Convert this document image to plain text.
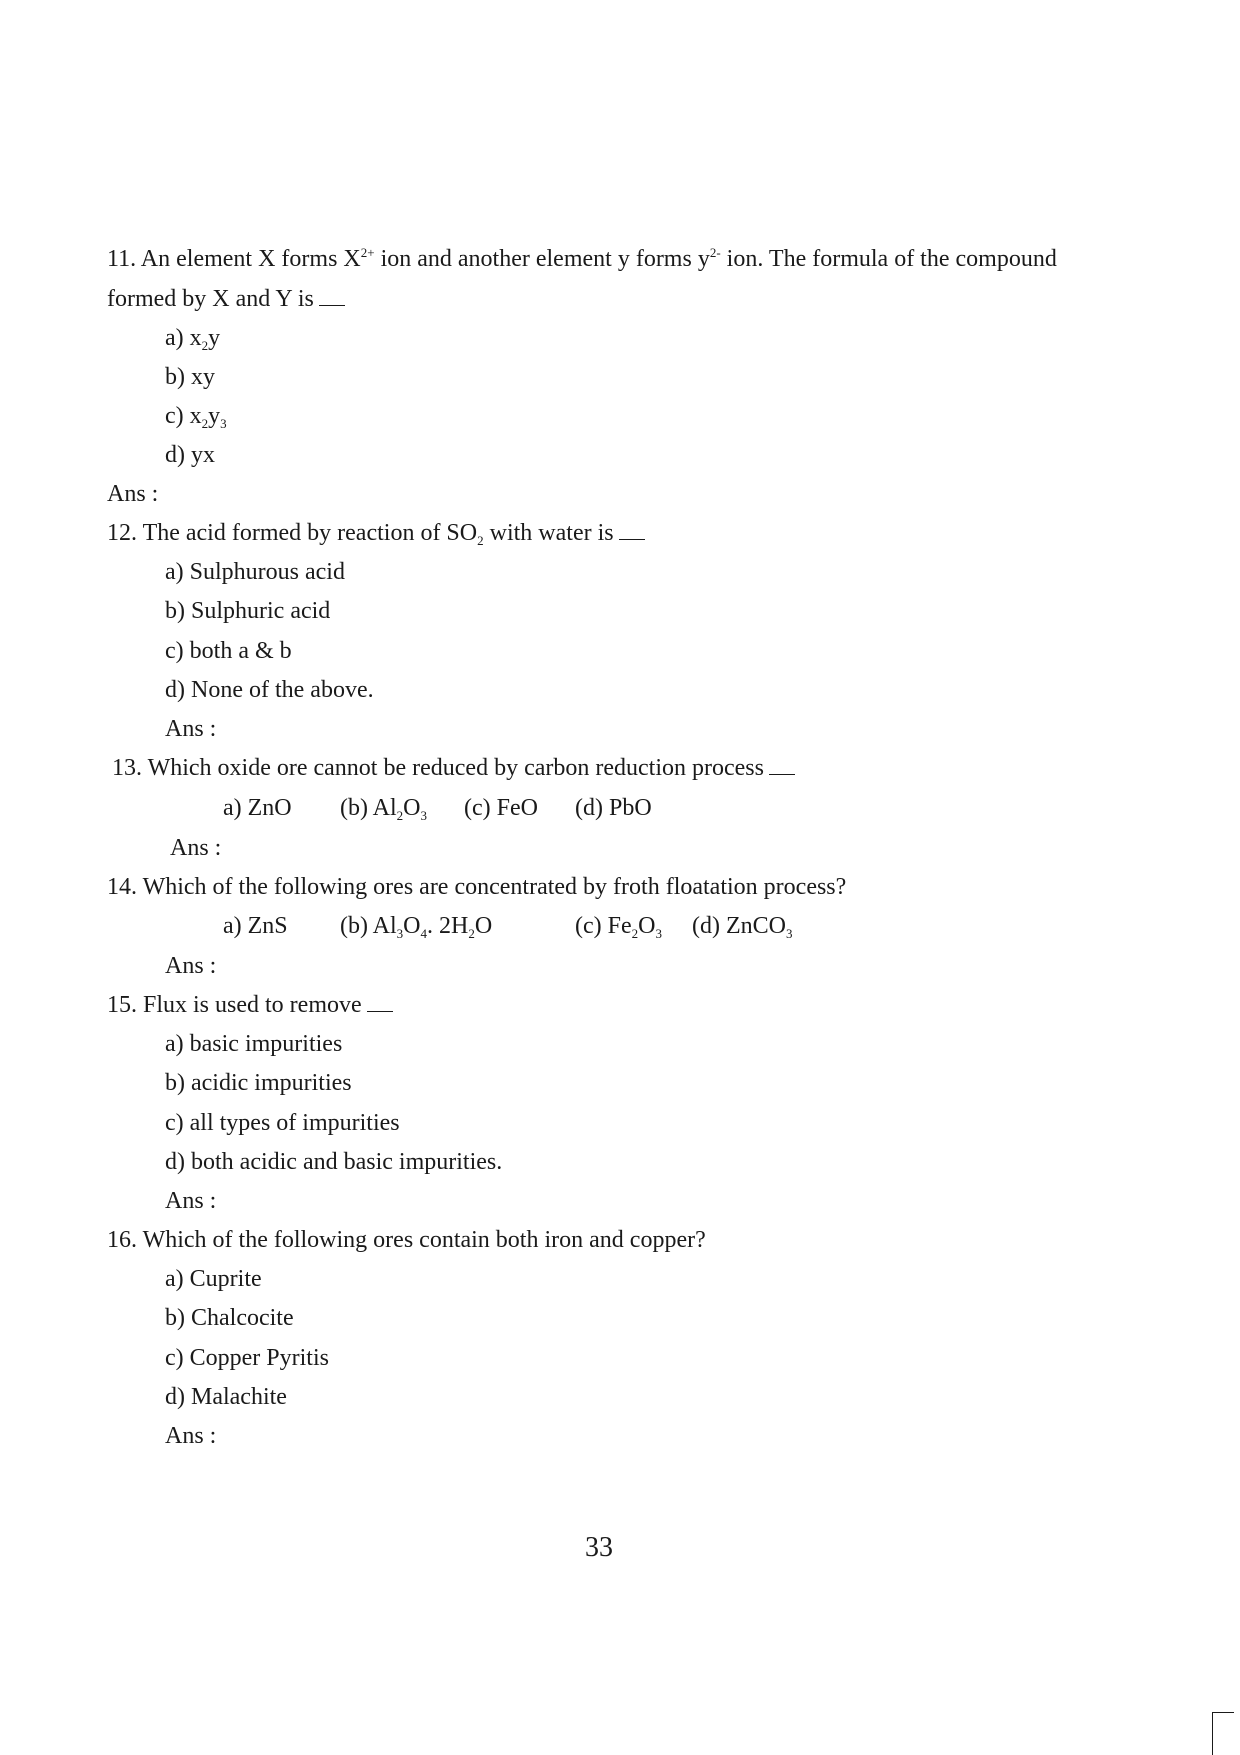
11. An element X forms $X^{2+}$ ion and another element y forms $y^{2-}$ ion. The formula of the compound
formed by X and Y is
a) $x_2y$
b) xy
c) $x_2y_3$
d) yx
Ans :
12. The acid formed by reaction of $SO_2$ with water is
a) Sulphurous acid
b) Sulphuric acid
c) both a & b
d) None of the above.
Ans :
13. Which oxide ore cannot be reduced by carbon reduction process
a) ZnO (b) $Al_2O_3$ (c) FeO (d) PbO
Ans :
14. Which of the following ores are concentrated by froth floatation process?
a) ZnS (b) $Al_3O_4$. $2H_2O$	(c) $Fe_2O_3$ (d) ZnCO$_3$
Ans :
15. Flux is used to remove
a) basic impurities
b) acidic impurities
c) all types of impurities
d) both acidic and basic impurities.
Ans :
16. Which of the following ores contain both iron and copper?
a) Cuprite
b) Chalcocite
c) Copper Pyritis
d) Malachite
Ans :
33
